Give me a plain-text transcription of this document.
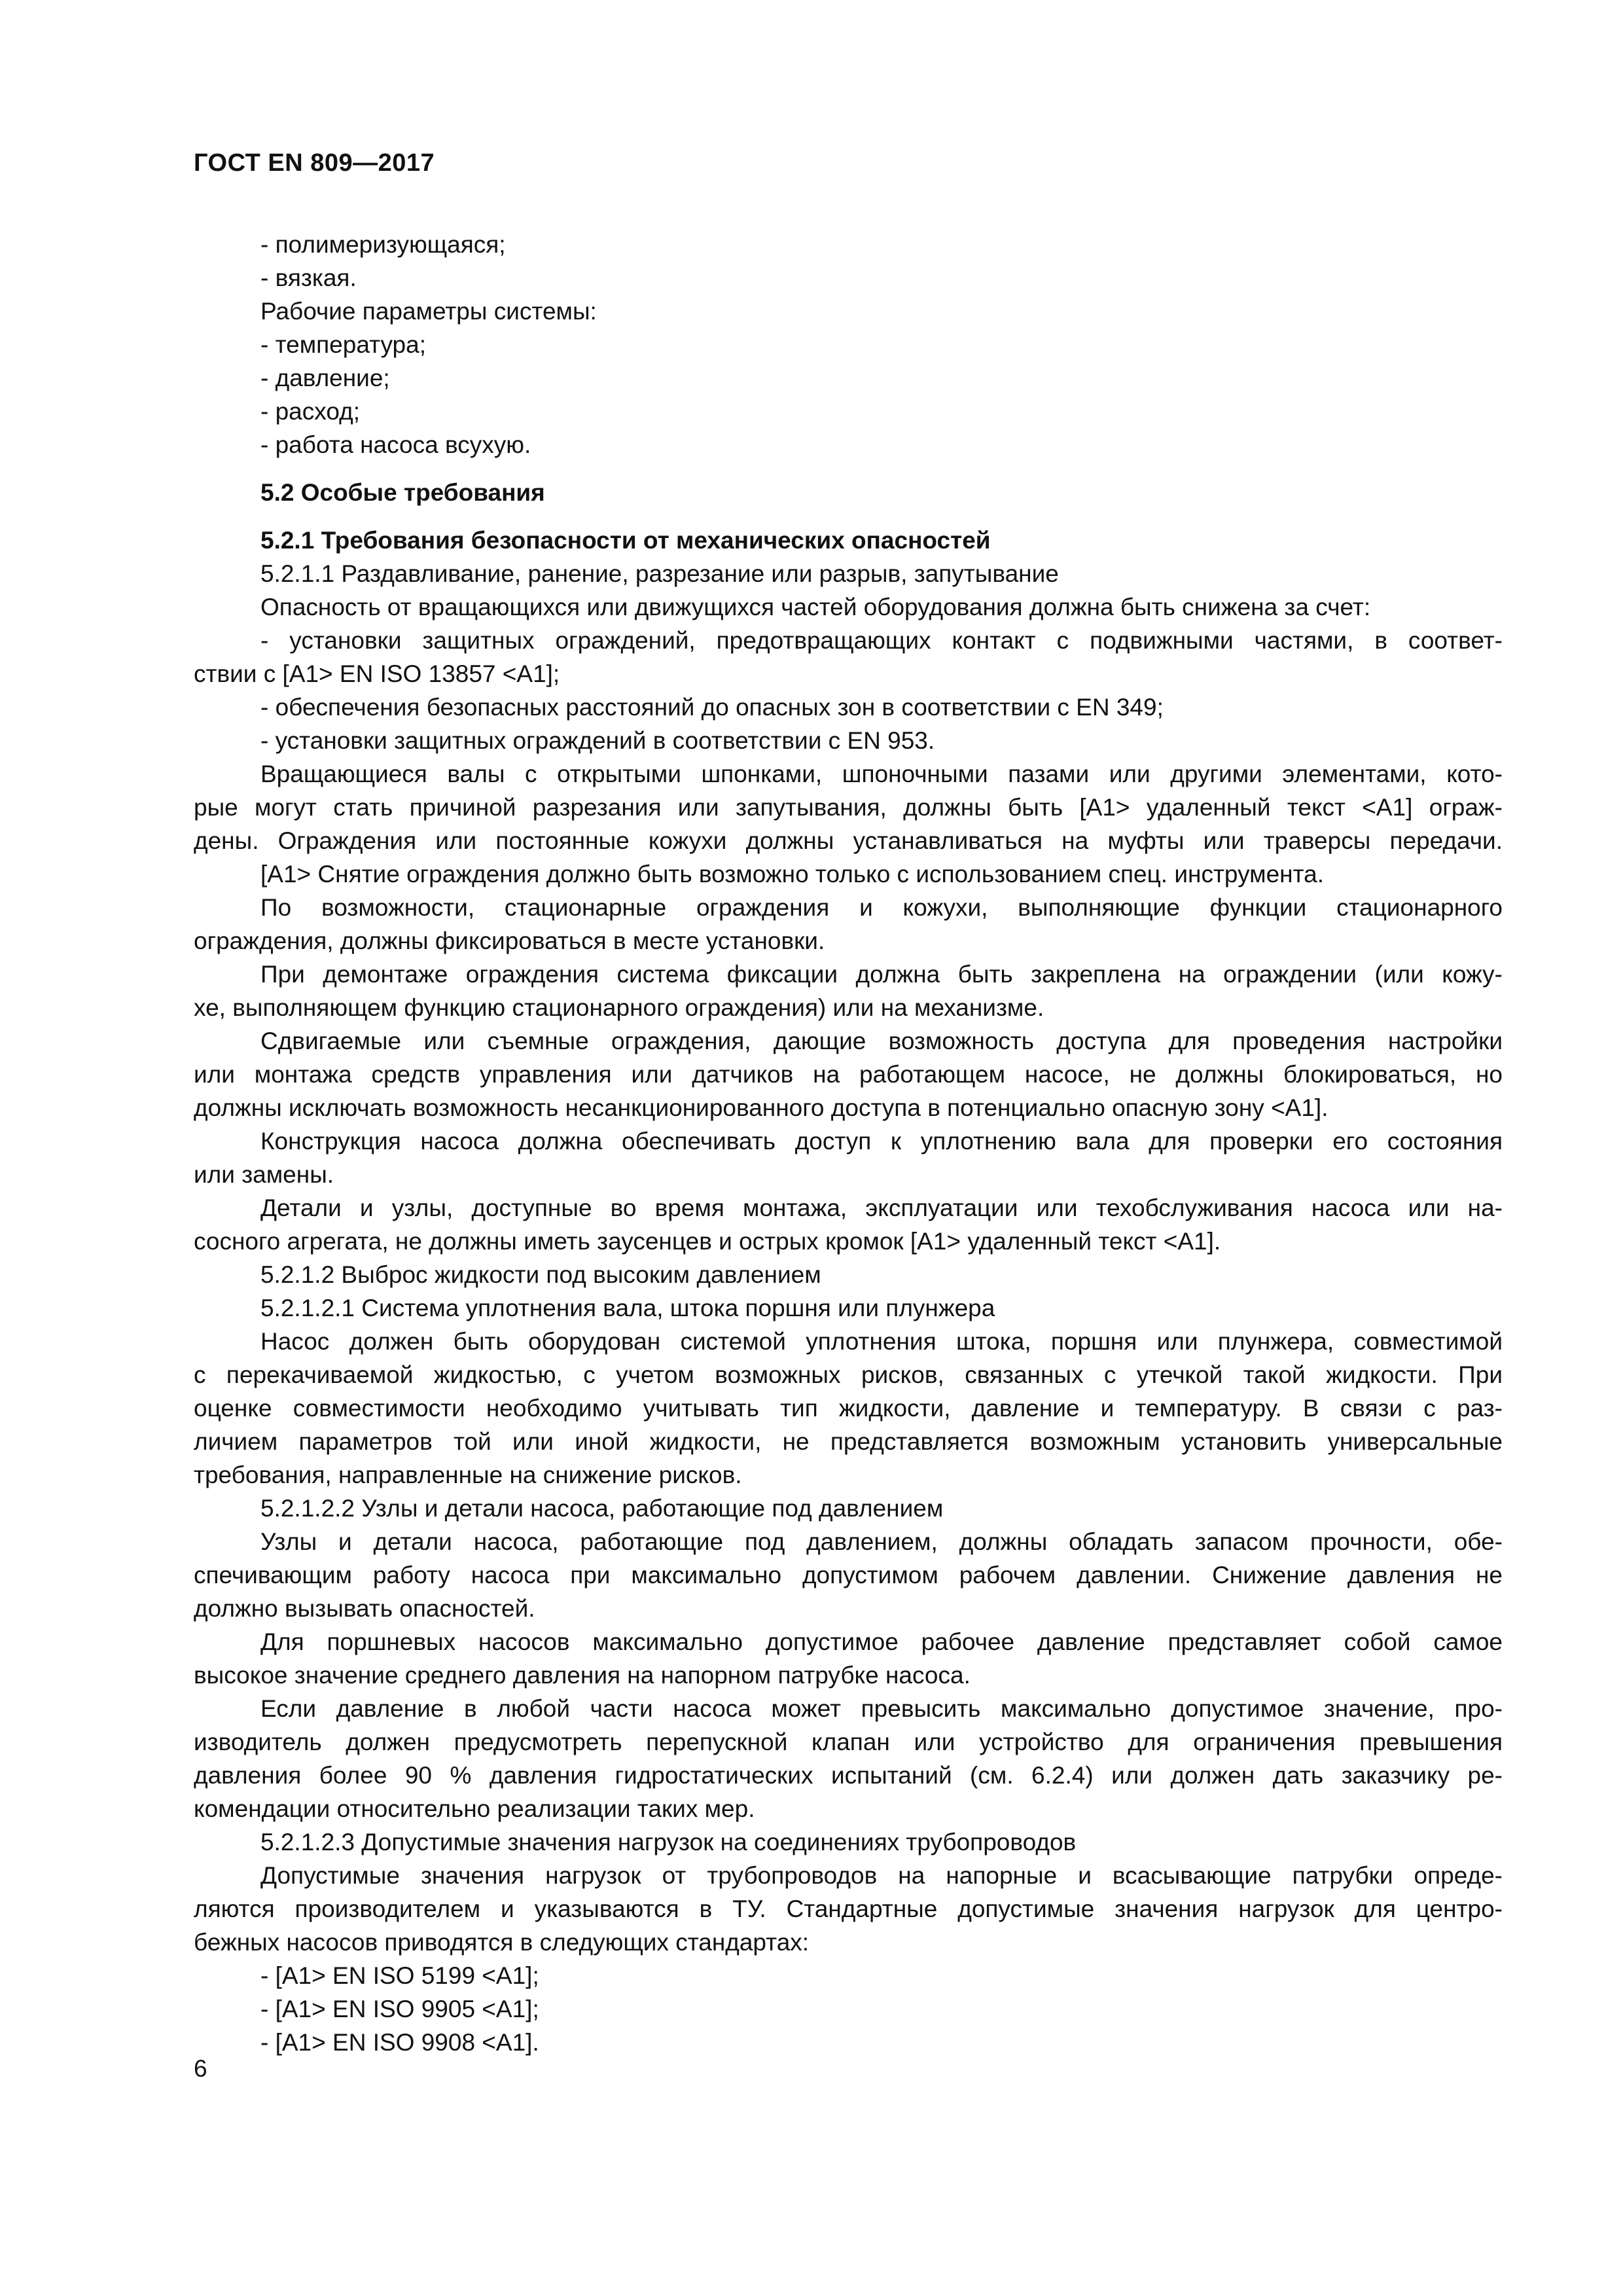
ГОСТ EN 809—2017
- полимеризующаяся;
- вязкая.
Рабочие параметры системы:
- температура;
- давление;
- расход;
- работа насоса всухую.
5.2 Особые требования
5.2.1 Требования безопасности от механических опасностей
5.2.1.1 Раздавливание, ранение, разрезание или разрыв, запутывание
Опасность от вращающихся или движущихся частей оборудования должна быть снижена за счет:
- установки защитных ограждений, предотвращающих контакт с подвижными частями, в соответ-
ствии с [А1> EN ISO 13857 <А1];
- обеспечения безопасных расстояний до опасных зон в соответствии с EN 349;
- установки защитных ограждений в соответствии с EN 953.
Вращающиеся валы с открытыми шпонками, шпоночными пазами или другими элементами, кото-
рые могут стать причиной разрезания или запутывания, должны быть [А1> удаленный текст <А1] ограж-
дены. Ограждения или постоянные кожухи должны устанавливаться на муфты или траверсы передачи.
[А1> Снятие ограждения должно быть возможно только с использованием спец. инструмента.
По возможности, стационарные ограждения и кожухи, выполняющие функции стационарного
ограждения, должны фиксироваться в месте установки.
При демонтаже ограждения система фиксации должна быть закреплена на ограждении (или кожу-
хе, выполняющем функцию стационарного ограждения) или на механизме.
Сдвигаемые или съемные ограждения, дающие возможность доступа для проведения настройки
или монтажа средств управления или датчиков на работающем насосе, не должны блокироваться, но
должны исключать возможность несанкционированного доступа в потенциально опасную зону <А1].
Конструкция насоса должна обеспечивать доступ к уплотнению вала для проверки его состояния
или замены.
Детали и узлы, доступные во время монтажа, эксплуатации или техобслуживания насоса или на-
сосного агрегата, не должны иметь заусенцев и острых кромок [А1> удаленный текст <А1].
5.2.1.2 Выброс жидкости под высоким давлением
5.2.1.2.1 Система уплотнения вала, штока поршня или плунжера
Насос должен быть оборудован системой уплотнения штока, поршня или плунжера, совместимой
с перекачиваемой жидкостью, с учетом возможных рисков, связанных с утечкой такой жидкости. При
оценке совместимости необходимо учитывать тип жидкости, давление и температуру. В связи с раз-
личием параметров той или иной жидкости, не представляется возможным установить универсальные
требования, направленные на снижение рисков.
5.2.1.2.2 Узлы и детали насоса, работающие под давлением
Узлы и детали насоса, работающие под давлением, должны обладать запасом прочности, обе-
спечивающим работу насоса при максимально допустимом рабочем давлении. Снижение давления не
должно вызывать опасностей.
Для поршневых насосов максимально допустимое рабочее давление представляет собой самое
высокое значение среднего давления на напорном патрубке насоса.
Если давление в любой части насоса может превысить максимально допустимое значение, про-
изводитель должен предусмотреть перепускной клапан или устройство для ограничения превышения
давления более 90 % давления гидростатических испытаний (см. 6.2.4) или должен дать заказчику ре-
комендации относительно реализации таких мер.
5.2.1.2.3 Допустимые значения нагрузок на соединениях трубопроводов
Допустимые значения нагрузок от трубопроводов на напорные и всасывающие патрубки опреде-
ляются производителем и указываются в ТУ. Стандартные допустимые значения нагрузок для центро-
бежных насосов приводятся в следующих стандартах:
- [А1> EN ISO 5199 <А1];
- [А1> EN ISO 9905 <А1];
- [А1> EN ISO 9908 <А1].
6
